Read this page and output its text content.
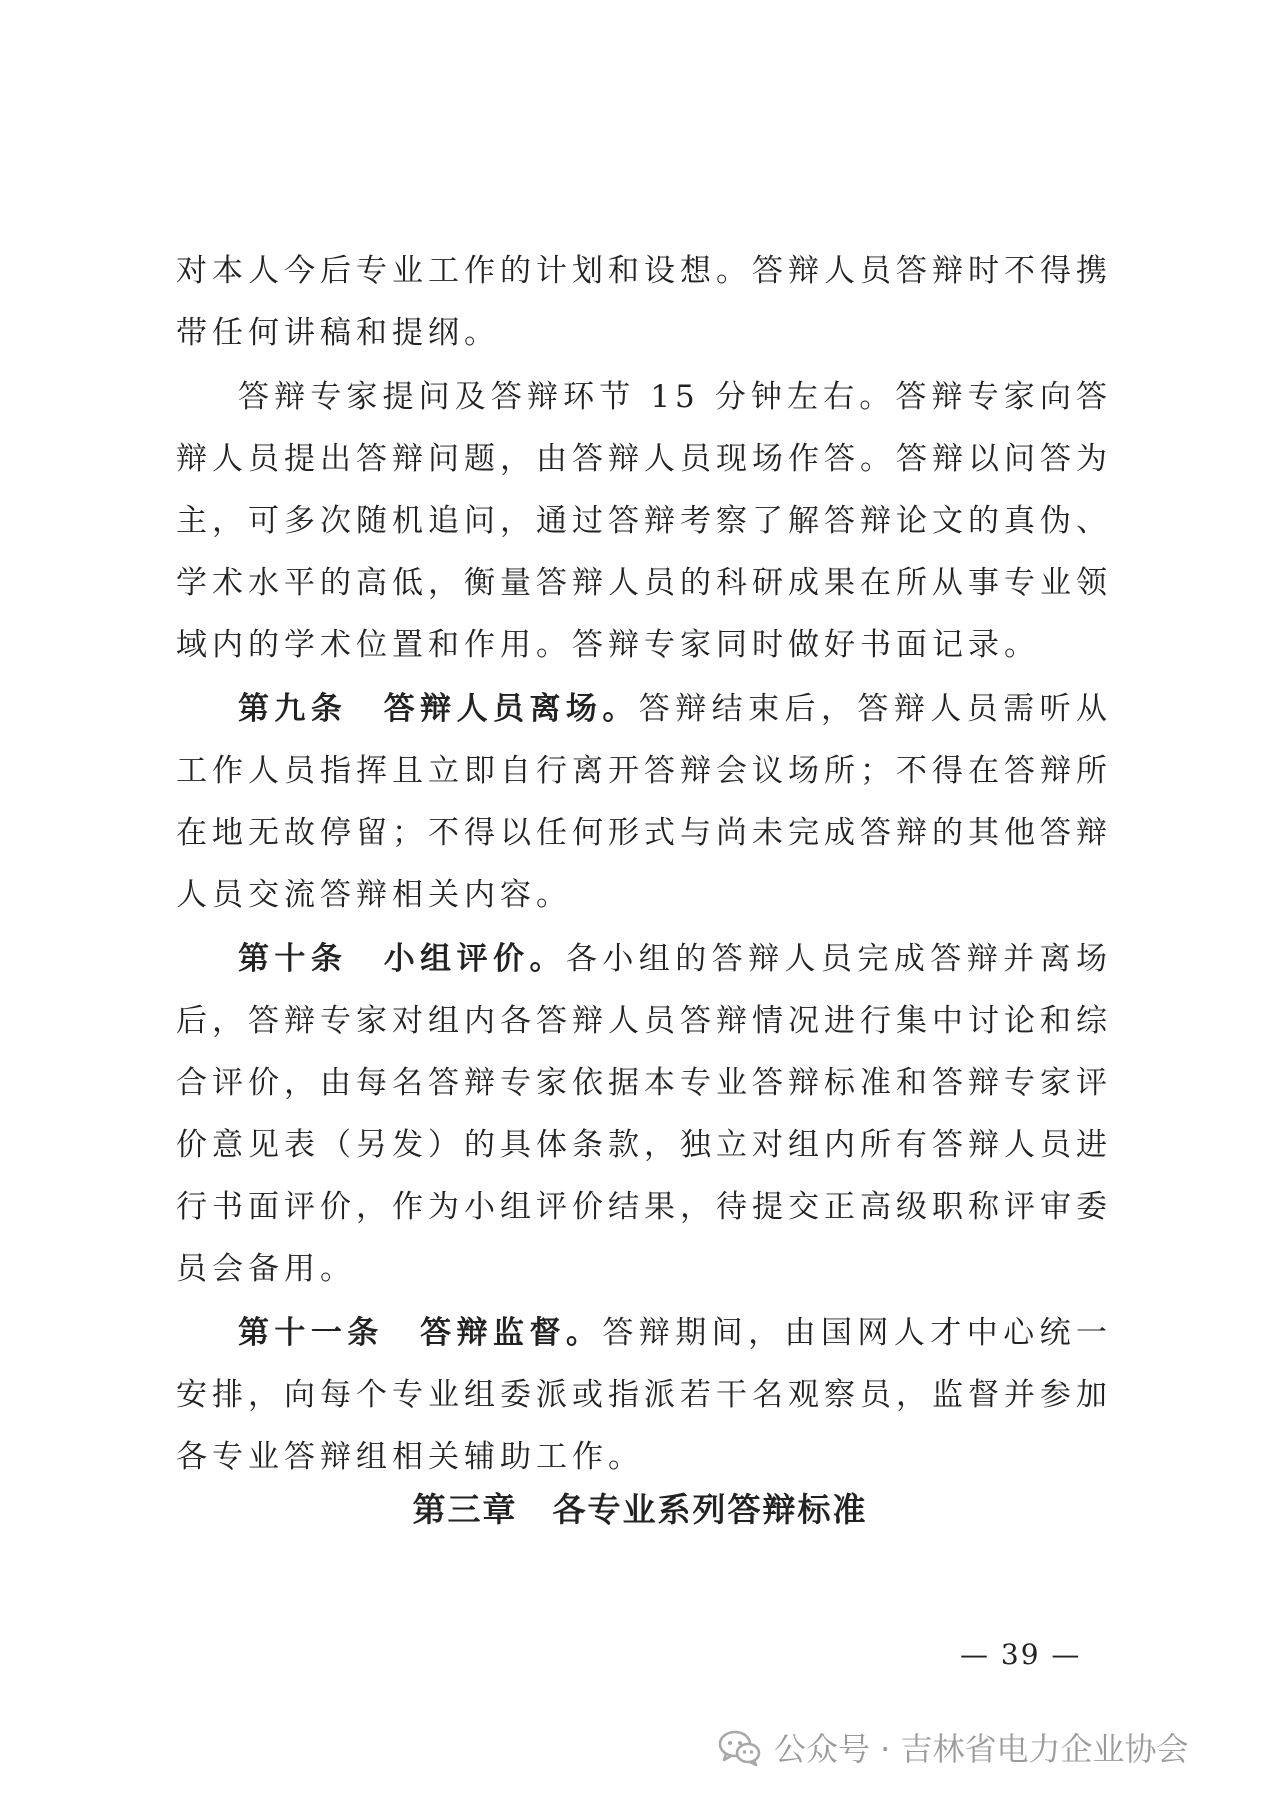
对本人今后专业工作的计划和设想。答辩人员答辩时不得携带任何讲稿和提纲。

答辩专家提问及答辩环节 15 分钟左右。答辩专家向答辩人员提出答辩问题，由答辩人员现场作答。答辩以问答为主，可多次随机追问，通过答辩考察了解答辩论文的真伪、学术水平的高低，衡量答辩人员的科研成果在所从事专业领域内的学术位置和作用。答辩专家同时做好书面记录。

第九条　答辩人员离场。答辩结束后，答辩人员需听从工作人员指挥且立即自行离开答辩会议场所；不得在答辩所在地无故停留；不得以任何形式与尚未完成答辩的其他答辩人员交流答辩相关内容。

第十条　小组评价。各小组的答辩人员完成答辩并离场后，答辩专家对组内各答辩人员答辩情况进行集中讨论和综合评价，由每名答辩专家依据本专业答辩标准和答辩专家评价意见表（另发）的具体条款，独立对组内所有答辩人员进行书面评价，作为小组评价结果，待提交正高级职称评审委员会备用。

第十一条　答辩监督。答辩期间，由国网人才中心统一安排，向每个专业组委派或指派若干名观察员，监督并参加各专业答辩组相关辅助工作。

第三章　各专业系列答辩标准

— 39 —

公众号 · 吉林省电力企业协会
